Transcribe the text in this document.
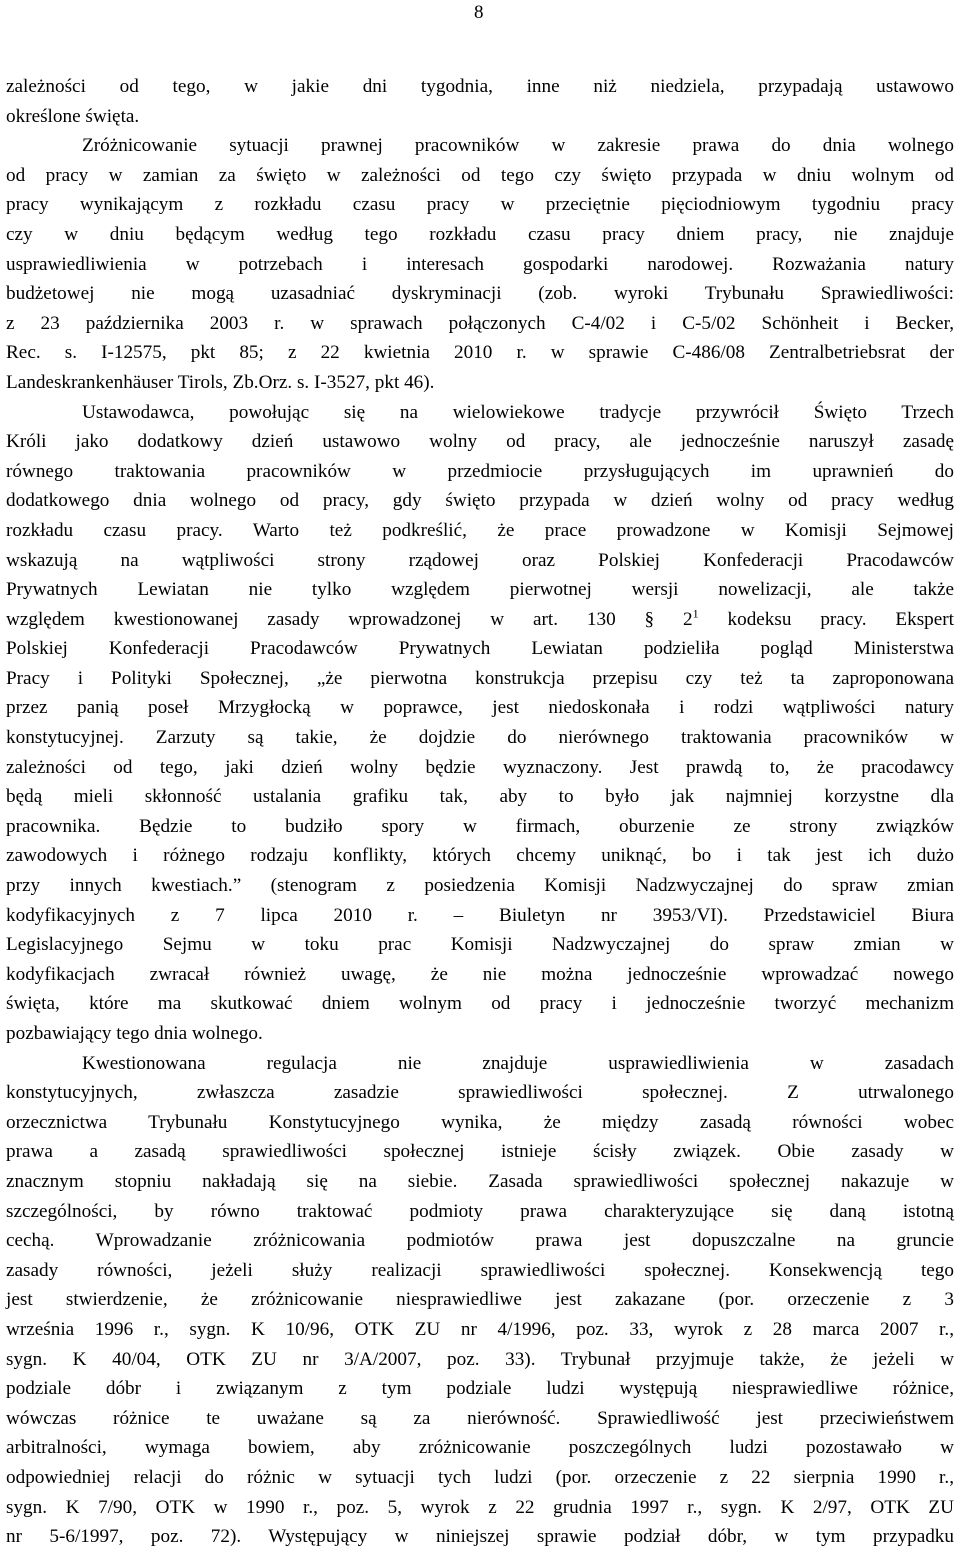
8
zależności od tego, w jakie dni tygodnia, inne niż niedziela, przypadają ustawowo
określone święta.
Zróżnicowanie sytuacji prawnej pracowników w zakresie prawa do dnia wolnego
od pracy w zamian za święto w zależności od tego czy święto przypada w dniu wolnym od
pracy wynikającym z rozkładu czasu pracy w przeciętnie pięciodniowym tygodniu pracy
czy w dniu będącym według tego rozkładu czasu pracy dniem pracy, nie znajduje
usprawiedliwienia w potrzebach i interesach gospodarki narodowej. Rozważania natury
budżetowej nie mogą uzasadniać dyskryminacji (zob. wyroki Trybunału Sprawiedliwości:
z 23 października 2003 r. w sprawach połączonych C-4/02 i C-5/02 Schönheit i Becker,
Rec. s. I-12575, pkt 85; z 22 kwietnia 2010 r. w sprawie C-486/08 Zentralbetriebsrat der
Landeskrankenhäuser Tirols, Zb.Orz. s. I-3527, pkt 46).
Ustawodawca, powołując się na wielowiekowe tradycje przywrócił Święto Trzech
Króli jako dodatkowy dzień ustawowo wolny od pracy, ale jednocześnie naruszył zasadę
równego traktowania pracowników w przedmiocie przysługujących im uprawnień do
dodatkowego dnia wolnego od pracy, gdy święto przypada w dzień wolny od pracy według
rozkładu czasu pracy. Warto też podkreślić, że prace prowadzone w Komisji Sejmowej
wskazują na wątpliwości strony rządowej oraz Polskiej Konfederacji Pracodawców
Prywatnych Lewiatan nie tylko względem pierwotnej wersji nowelizacji, ale także
względem kwestionowanej zasady wprowadzonej w art. 130 § $2^1$ kodeksu pracy. Ekspert
Polskiej Konfederacji Pracodawców Prywatnych Lewiatan podzieliła pogląd Ministerstwa
Pracy i Polityki Społecznej, „że pierwotna konstrukcja przepisu czy też ta zaproponowana
przez panią poseł Mrzygłocką w poprawce, jest niedoskonała i rodzi wątpliwości natury
konstytucyjnej. Zarzuty są takie, że dojdzie do nierównego traktowania pracowników w
zależności od tego, jaki dzień wolny będzie wyznaczony. Jest prawdą to, że pracodawcy
będą mieli skłonność ustalania grafiku tak, aby to było jak najmniej korzystne dla
pracownika. Będzie to budziło spory w firmach, oburzenie ze strony związków
zawodowych i różnego rodzaju konflikty, których chcemy uniknąć, bo i tak jest ich dużo
przy innych kwestiach.” (stenogram z posiedzenia Komisji Nadzwyczajnej do spraw zmian
kodyfikacyjnych z 7 lipca 2010 r. – Biuletyn nr 3953/VI). Przedstawiciel Biura
Legislacyjnego Sejmu w toku prac Komisji Nadzwyczajnej do spraw zmian w
kodyfikacjach zwracał również uwagę, że nie można jednocześnie wprowadzać nowego
święta, które ma skutkować dniem wolnym od pracy i jednocześnie tworzyć mechanizm
pozbawiający tego dnia wolnego.
Kwestionowana regulacja nie znajduje usprawiedliwienia w zasadach
konstytucyjnych, zwłaszcza zasadzie sprawiedliwości społecznej. Z utrwalonego
orzecznictwa Trybunału Konstytucyjnego wynika, że między zasadą równości wobec
prawa a zasadą sprawiedliwości społecznej istnieje ścisły związek. Obie zasady w
znacznym stopniu nakładają się na siebie. Zasada sprawiedliwości społecznej nakazuje w
szczególności, by równo traktować podmioty prawa charakteryzujące się daną istotną
cechą. Wprowadzanie zróżnicowania podmiotów prawa jest dopuszczalne na gruncie
zasady równości, jeżeli służy realizacji sprawiedliwości społecznej. Konsekwencją tego
jest stwierdzenie, że zróżnicowanie niesprawiedliwe jest zakazane (por. orzeczenie z 3
września 1996 r., sygn. K 10/96, OTK ZU nr 4/1996, poz. 33, wyrok z 28 marca 2007 r.,
sygn. K 40/04, OTK ZU nr 3/A/2007, poz. 33). Trybunał przyjmuje także, że jeżeli w
podziale dóbr i związanym z tym podziale ludzi występują niesprawiedliwe różnice,
wówczas różnice te uważane są za nierówność. Sprawiedliwość jest przeciwieństwem
arbitralności, wymaga bowiem, aby zróżnicowanie poszczególnych ludzi pozostawało w
odpowiedniej relacji do różnic w sytuacji tych ludzi (por. orzeczenie z 22 sierpnia 1990 r.,
sygn. K 7/90, OTK w 1990 r., poz. 5, wyrok z 22 grudnia 1997 r., sygn. K 2/97, OTK ZU
nr 5-6/1997, poz. 72). Występujący w niniejszej sprawie podział dóbr, w tym przypadku
